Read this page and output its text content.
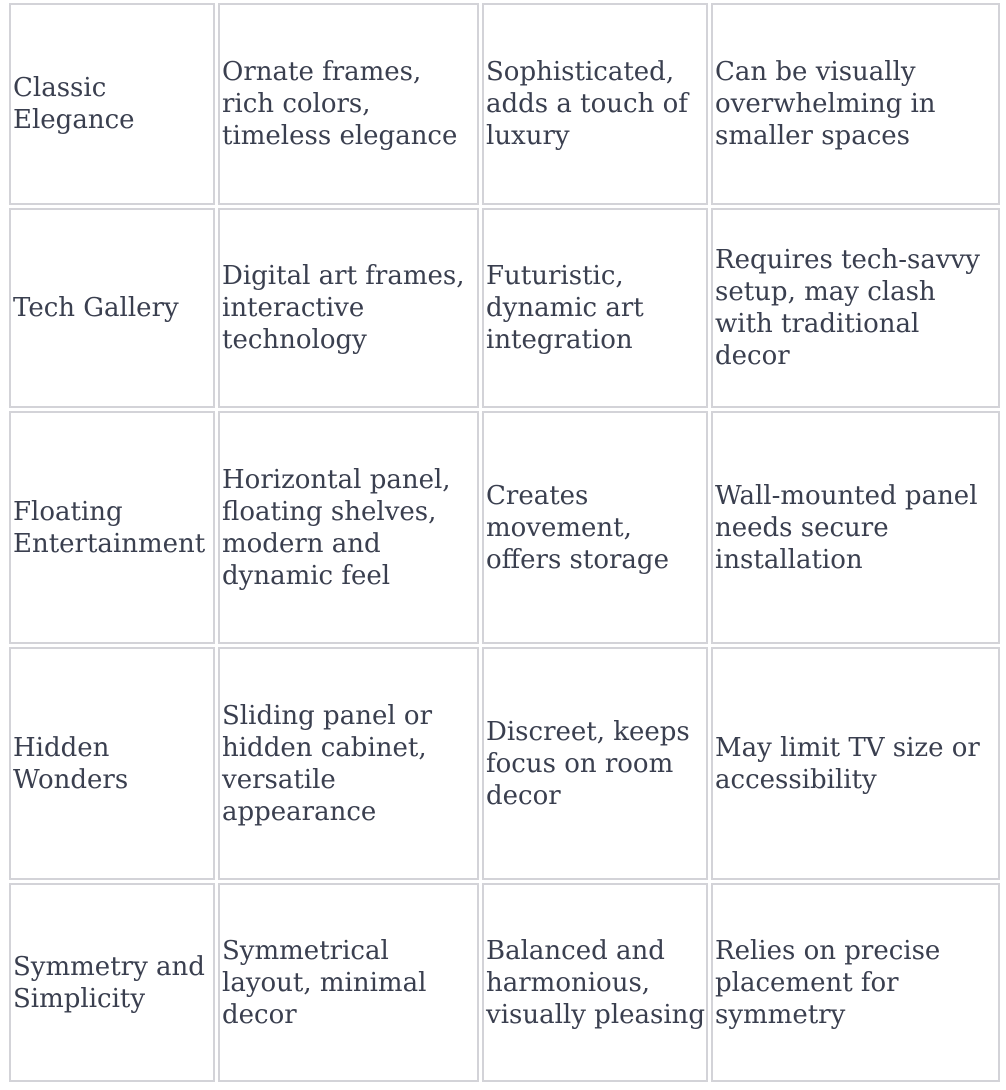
Classic Elegance	Ornate frames, rich colors, timeless elegance	Sophisticated, adds a touch of luxury	Can be visually overwhelming in smaller spaces

Tech Gallery	Digital art frames, interactive technology	Futuristic, dynamic art integration	Requires tech-savvy setup, may clash with traditional decor

Floating Entertainment	Horizontal panel, floating shelves, modern and dynamic feel	Creates movement, offers storage	Wall-mounted panel needs secure installation

Hidden Wonders	Sliding panel or hidden cabinet, versatile appearance	Discreet, keeps focus on room decor	May limit TV size or accessibility

Symmetry and Simplicity	Symmetrical layout, minimal decor	Balanced and harmonious, visually pleasing	Relies on precise placement for symmetry
